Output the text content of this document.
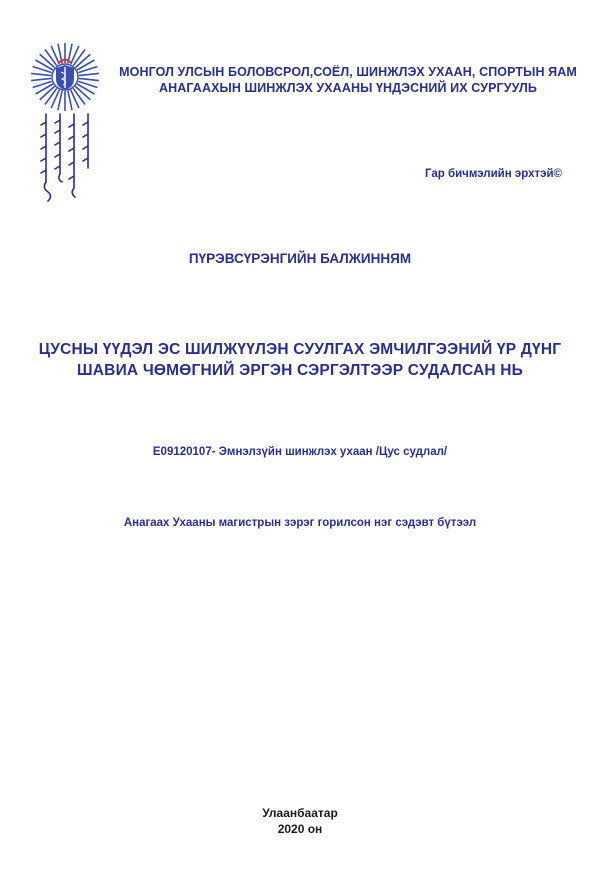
МОНГОЛ УЛСЫН БОЛОВСРОЛ,СОЁЛ, ШИНЖЛЭХ УХААН, СПОРТЫН ЯАМ
АНАГААХЫН ШИНЖЛЭХ УХААНЫ ҮНДЭСНИЙ ИХ СУРГУУЛЬ
Гар бичмэлийн эрхтэй©
ПҮРЭВСҮРЭНГИЙН БАЛЖИННЯМ
ЦУСНЫ ҮҮДЭЛ ЭС ШИЛЖҮҮЛЭН СУУЛГАХ ЭМЧИЛГЭЭНИЙ ҮР ДҮНГ
ШАВИА ЧӨМӨГНИЙ ЭРГЭН СЭРГЭЛТЭЭР СУДАЛСАН НЬ
E09120107- Эмнэлзүйн шинжлэх ухаан /Цус судлал/
Анагаах Ухааны магистрын зэрэг горилсон нэг сэдэвт бүтээл
Улаанбаатар
2020 он
